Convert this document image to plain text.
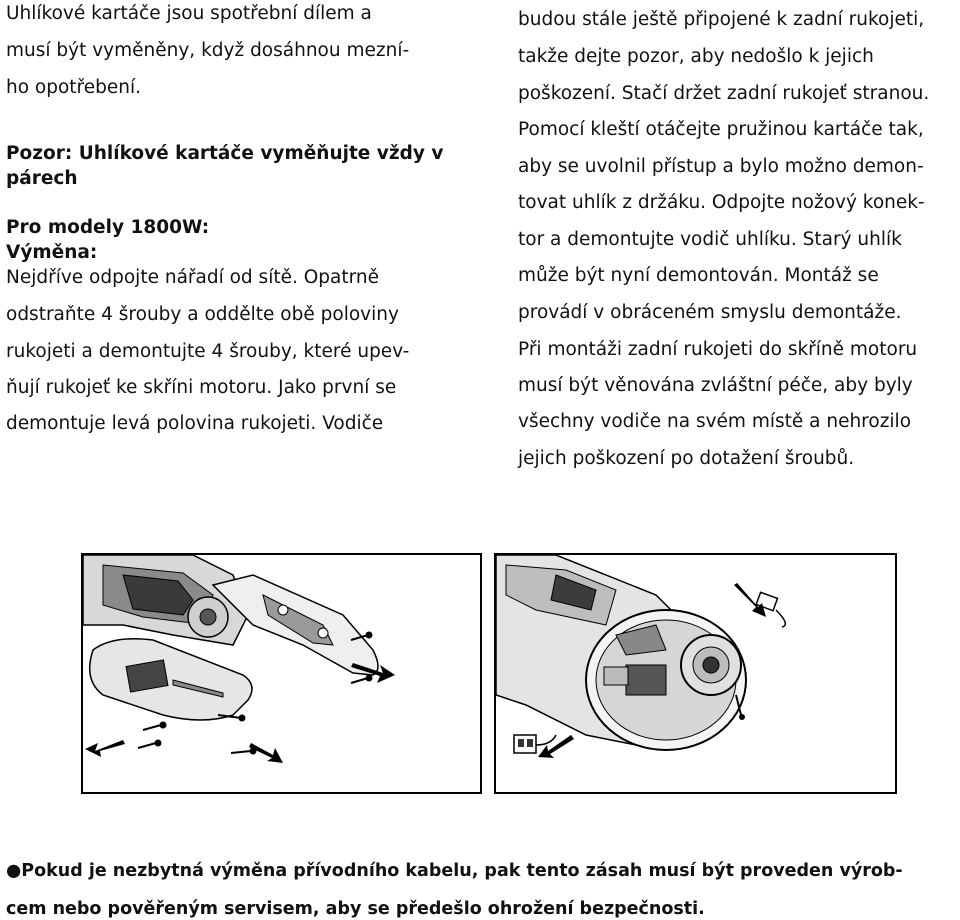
Uhlíkové kartáče jsou spotřební dílem a
musí být vyměněny, když dosáhnou mezní-
ho opotřebení.
Pozor: Uhlíkové kartáče vyměňujte vždy v
párech
Pro modely 1800W:
Výměna:
Nejdříve odpojte nářadí od sítě. Opatrně
odstraňte 4 šrouby a oddělte obě poloviny
rukojeti a demontujte 4 šrouby, které upev-
ňují rukojeť ke skříni motoru. Jako první se
demontuje levá polovina rukojeti. Vodiče
budou stále ještě připojené k zadní rukojeti,
takže dejte pozor, aby nedošlo k jejich
poškození. Stačí držet zadní rukojeť stranou.
Pomocí kleští otáčejte pružinou kartáče tak,
aby se uvolnil přístup a bylo možno demon-
tovat uhlík z držáku. Odpojte nožový konek-
tor a demontujte vodič uhlíku. Starý uhlík
může být nyní demontován. Montáž se
provádí v obráceném smyslu demontáže.
Při montáži zadní rukojeti do skříně motoru
musí být věnována zvláštní péče, aby byly
všechny vodiče na svém místě a nehrozilo
jejich poškození po dotažení šroubů.
●Pokud je nezbytná výměna přívodního kabelu, pak tento zásah musí být proveden výrob-
cem nebo pověřeným servisem, aby se předešlo ohrožení bezpečnosti.
